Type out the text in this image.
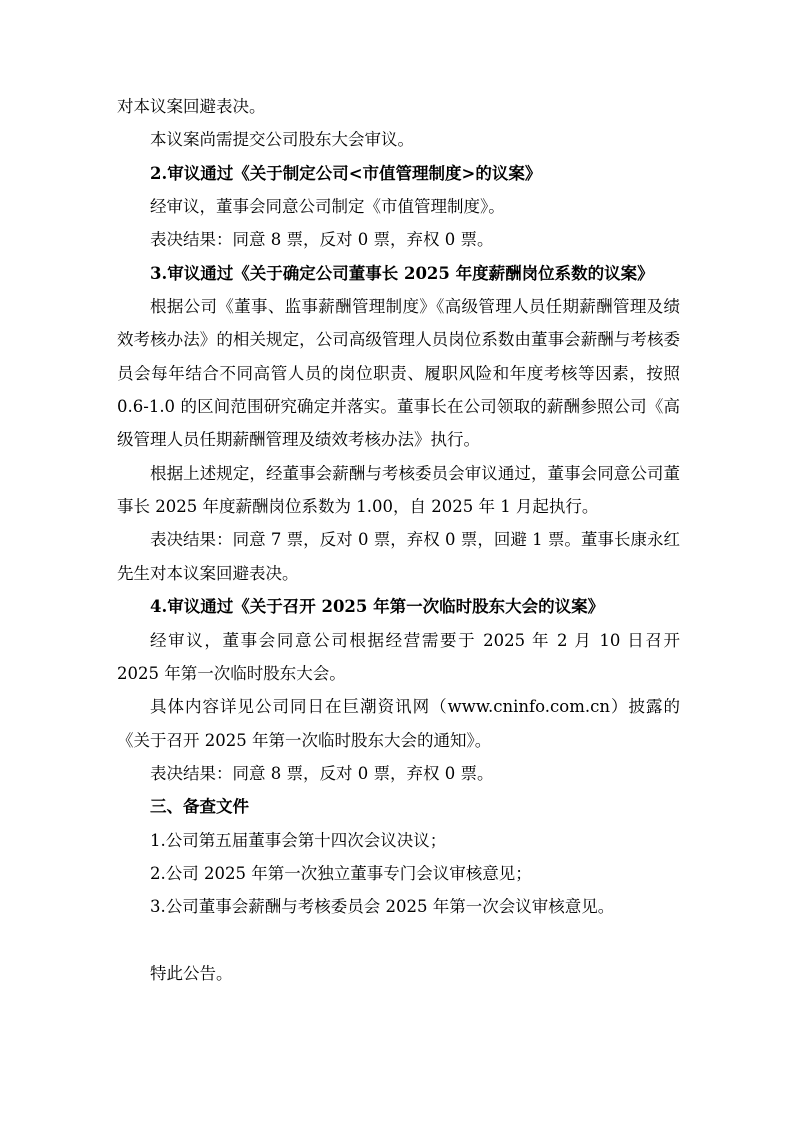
对本议案回避表决。

本议案尚需提交公司股东大会审议。

2.审议通过《关于制定公司<市值管理制度>的议案》

经审议，董事会同意公司制定《市值管理制度》。

表决结果：同意 8 票，反对 0 票，弃权 0 票。

3.审议通过《关于确定公司董事长 2025 年度薪酬岗位系数的议案》

根据公司《董事、监事薪酬管理制度》《高级管理人员任期薪酬管理及绩效考核办法》的相关规定，公司高级管理人员岗位系数由董事会薪酬与考核委员会每年结合不同高管人员的岗位职责、履职风险和年度考核等因素，按照 0.6-1.0 的区间范围研究确定并落实。董事长在公司领取的薪酬参照公司《高级管理人员任期薪酬管理及绩效考核办法》执行。

根据上述规定，经董事会薪酬与考核委员会审议通过，董事会同意公司董事长 2025 年度薪酬岗位系数为 1.00，自 2025 年 1 月起执行。

表决结果：同意 7 票，反对 0 票，弃权 0 票，回避 1 票。董事长康永红先生对本议案回避表决。

4.审议通过《关于召开 2025 年第一次临时股东大会的议案》

经审议，董事会同意公司根据经营需要于 2025 年 2 月 10 日召开 2025 年第一次临时股东大会。

具体内容详见公司同日在巨潮资讯网（www.cninfo.com.cn）披露的《关于召开 2025 年第一次临时股东大会的通知》。

表决结果：同意 8 票，反对 0 票，弃权 0 票。

三、备查文件

1.公司第五届董事会第十四次会议决议；

2.公司 2025 年第一次独立董事专门会议审核意见；

3.公司董事会薪酬与考核委员会 2025 年第一次会议审核意见。

特此公告。
